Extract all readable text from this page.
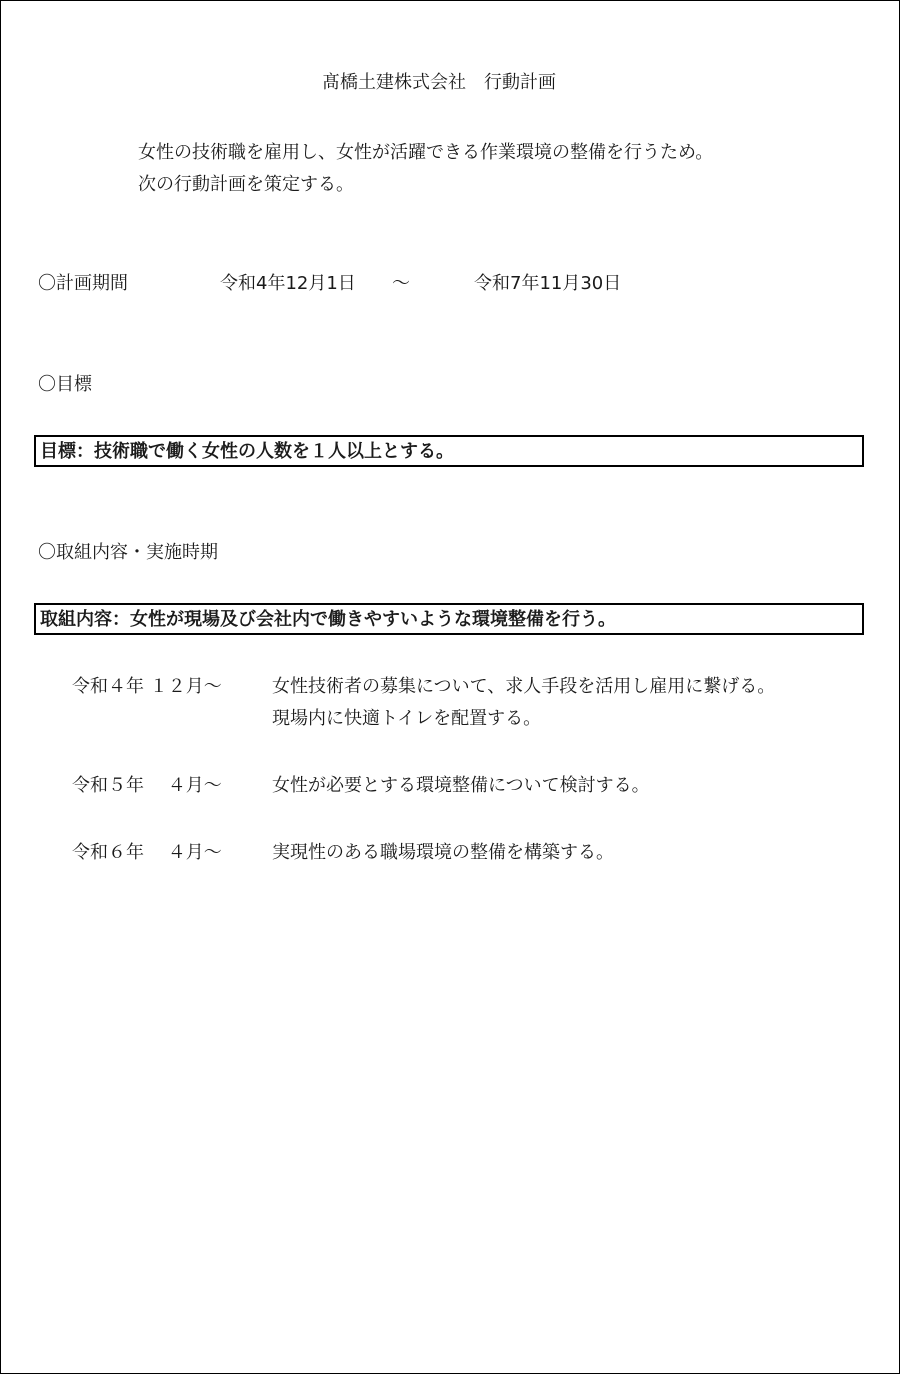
髙橋土建株式会社　行動計画
女性の技術職を雇用し、女性が活躍できる作業環境の整備を行うため。
次の行動計画を策定する。
〇計画期間	令和4年12月1日 ～	令和7年11月30日
〇目標
目標：技術職で働く女性の人数を１人以上とする。
〇取組内容・実施時期
取組内容：女性が現場及び会社内で働きやすいような環境整備を行う。
令和４年 １２月～	女性技術者の募集について、求人手段を活用し雇用に繋げる。
現場内に快適トイレを配置する。
令和５年　 ４月～	女性が必要とする環境整備について検討する。
令和６年　 ４月～	実現性のある職場環境の整備を構築する。
